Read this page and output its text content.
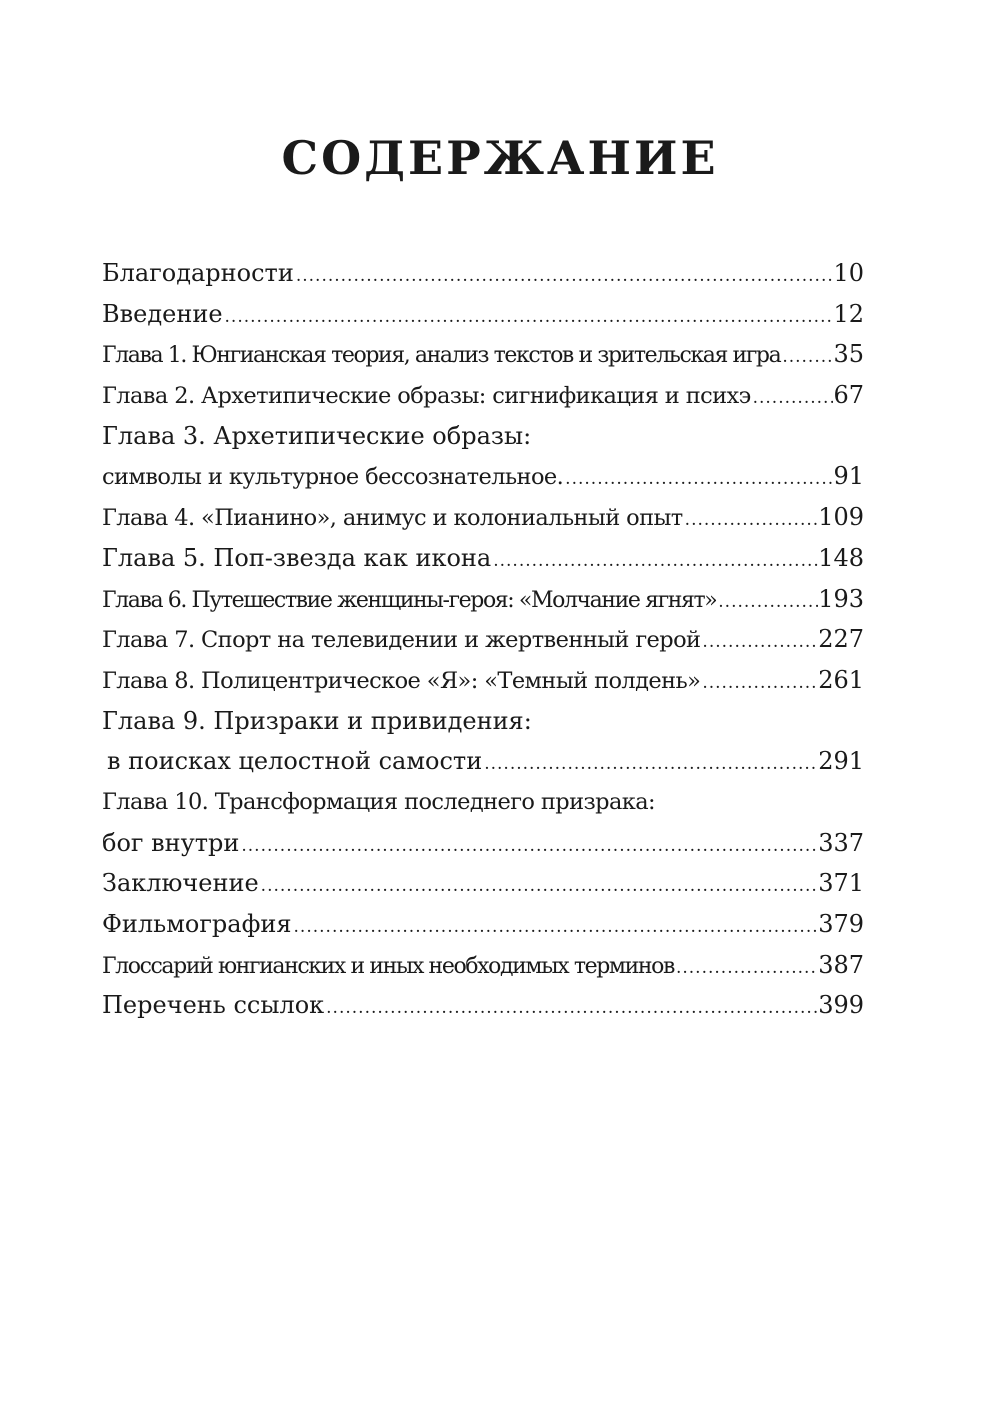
СОДЕРЖАНИЕ
Благодарности .....	10
Введение .....	12
Глава 1. Юнгианская теория, анализ текстов и зрительская игра ..... 35
Глава 2. Архетипические образы: сигнификация и психэ .....	67
Глава 3. Архетипические образы:
символы и культурное бессознательное. .....	91
Глава 4. «Пианино», анимус и колониальный опыт .....	109
Глава 5. Поп-звезда как икона .....	148
Глава 6. Путешествие женщины-героя: «Молчание ягнят» .....	193
Глава 7. Спорт на телевидении и жертвенный герой .....	227
Глава 8. Полицентрическое «Я»: «Темный полдень» .....	261
Глава 9. Призраки и привидения:
в поисках целостной самости .....	291
Глава 10. Трансформация последнего призрака:
бог внутри .....	337
Заключение .....	371
Фильмография .....	379
Глоссарий юнгианских и иных необходимых терминов .....	387
Перечень ссылок .....	399
